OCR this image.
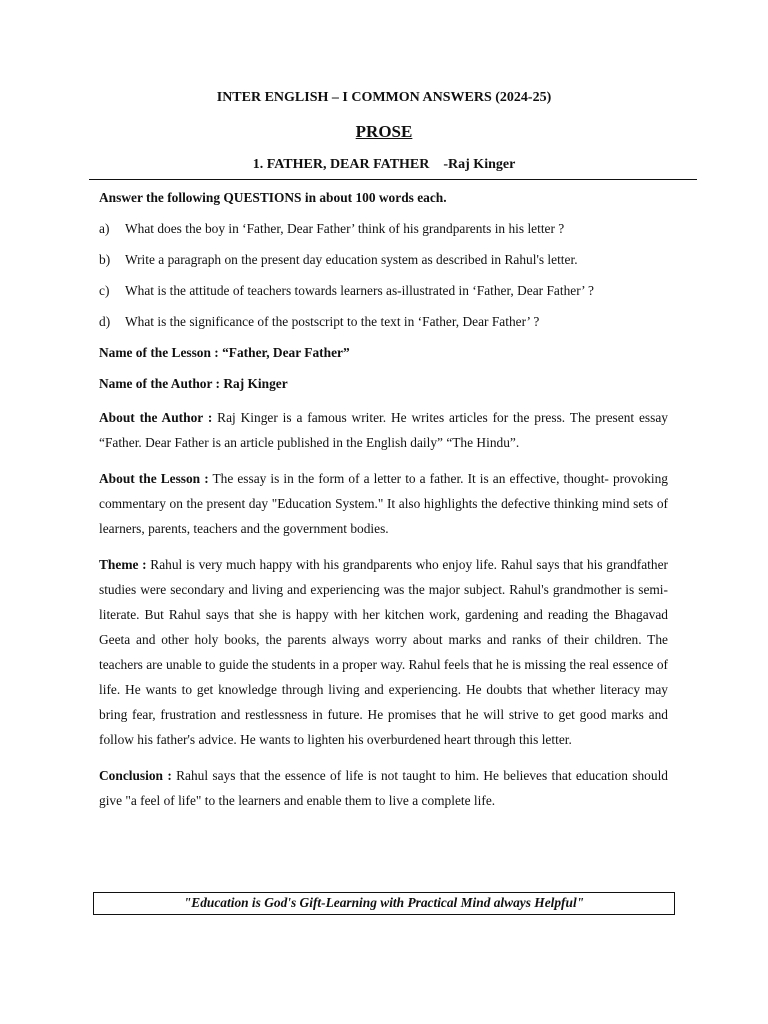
INTER ENGLISH – I COMMON ANSWERS (2024-25)
PROSE
1. FATHER, DEAR FATHER    -Raj Kinger
Answer the following QUESTIONS in about 100 words each.
a)	What does the boy in ‘Father, Dear Father’ think of his grandparents in his letter ?
b)	Write a paragraph on the present day education system as described in Rahul's letter.
c)	What is the attitude of teachers towards learners as-illustrated in ‘Father, Dear Father’ ?
d)	What is the significance of the postscript to the text in ‘Father, Dear Father’ ?
Name of the Lesson : “Father, Dear Father”
Name of the Author : Raj Kinger
About the Author : Raj Kinger is a famous writer. He writes articles for the press. The present essay “Father. Dear Father is an article published in the English daily” “The Hindu”.
About the Lesson : The essay is in the form of a letter to a father. It is an effective, thought- provoking commentary on the present day "Education System." It also highlights the defective thinking mind sets of learners, parents, teachers and the government bodies.
Theme : Rahul is very much happy with his grandparents who enjoy life. Rahul says that his grandfather studies were secondary and living and experiencing was the major subject. Rahul's grandmother is semi- literate. But Rahul says that she is happy with her kitchen work, gardening and reading the Bhagavad Geeta and other holy books, the parents always worry about marks and ranks of their children. The teachers are unable to guide the students in a proper way. Rahul feels that he is missing the real essence of life. He wants to get knowledge through living and experiencing. He doubts that whether literacy may bring fear, frustration and restlessness in future. He promises that he will strive to get good marks and follow his father's advice. He wants to lighten his overburdened heart through this letter.
Conclusion : Rahul says that the essence of life is not taught to him. He believes that education should give "a feel of life" to the learners and enable them to live a complete life.
"Education is God's Gift-Learning with Practical Mind always Helpful"
